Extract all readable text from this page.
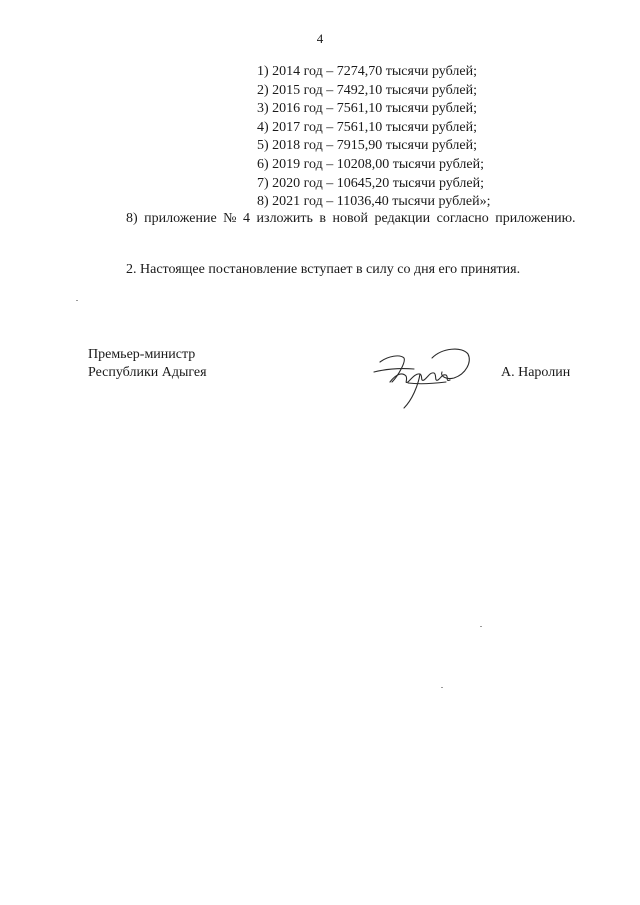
4
1) 2014 год – 7274,70 тысячи рублей;
2) 2015 год – 7492,10 тысячи рублей;
3) 2016 год – 7561,10 тысячи рублей;
4) 2017 год – 7561,10 тысячи рублей;
5) 2018 год – 7915,90 тысячи рублей;
6) 2019 год – 10208,00 тысячи рублей;
7) 2020 год – 10645,20 тысячи рублей;
8) 2021 год – 11036,40 тысячи рублей»;

8) приложение № 4 изложить в новой редакции согласно приложению.

2. Настоящее постановление вступает в силу со дня его принятия.

Премьер-министр
Республики Адыгея	А. Наролин
